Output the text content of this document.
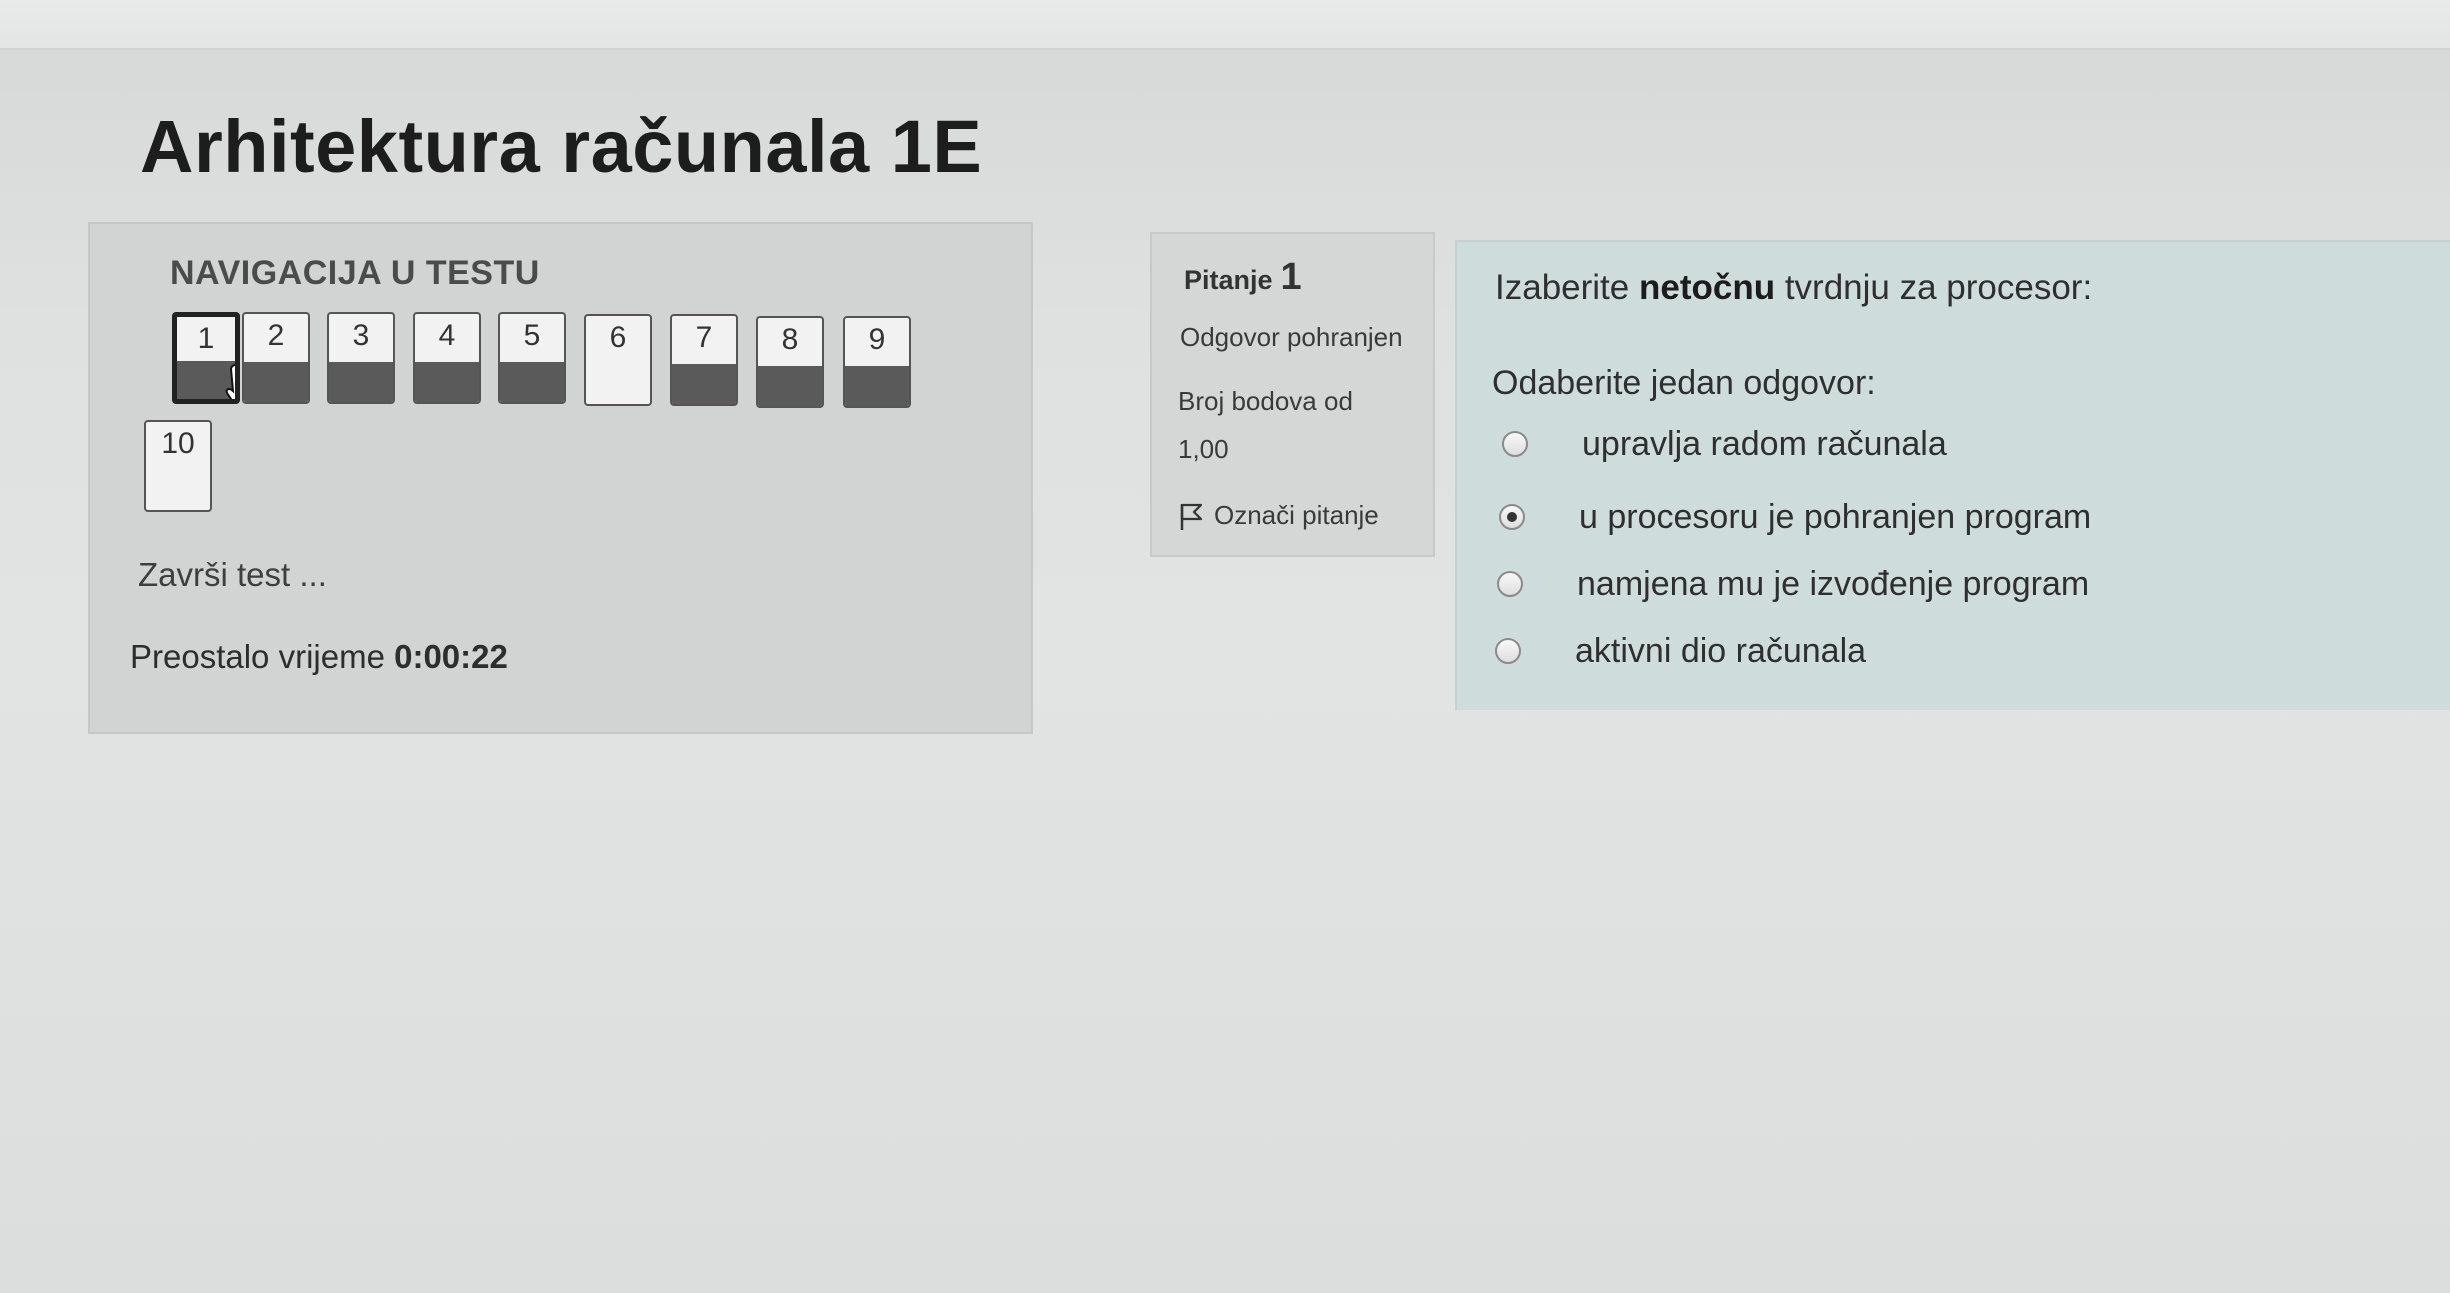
Arhitektura računala 1E
NAVIGACIJA U TESTU
1	2	3	4	5	6	7	8	9
10
Završi test ...
Preostalo vrijeme 0:00:22
Pitanje 1
Odgovor pohranjen
Broj bodova od
1,00
Označi pitanje
Izaberite netočnu tvrdnju za procesor:
Odaberite jedan odgovor:
upravlja radom računala
u procesoru je pohranjen program
namjena mu je izvođenje program
aktivni dio računala
